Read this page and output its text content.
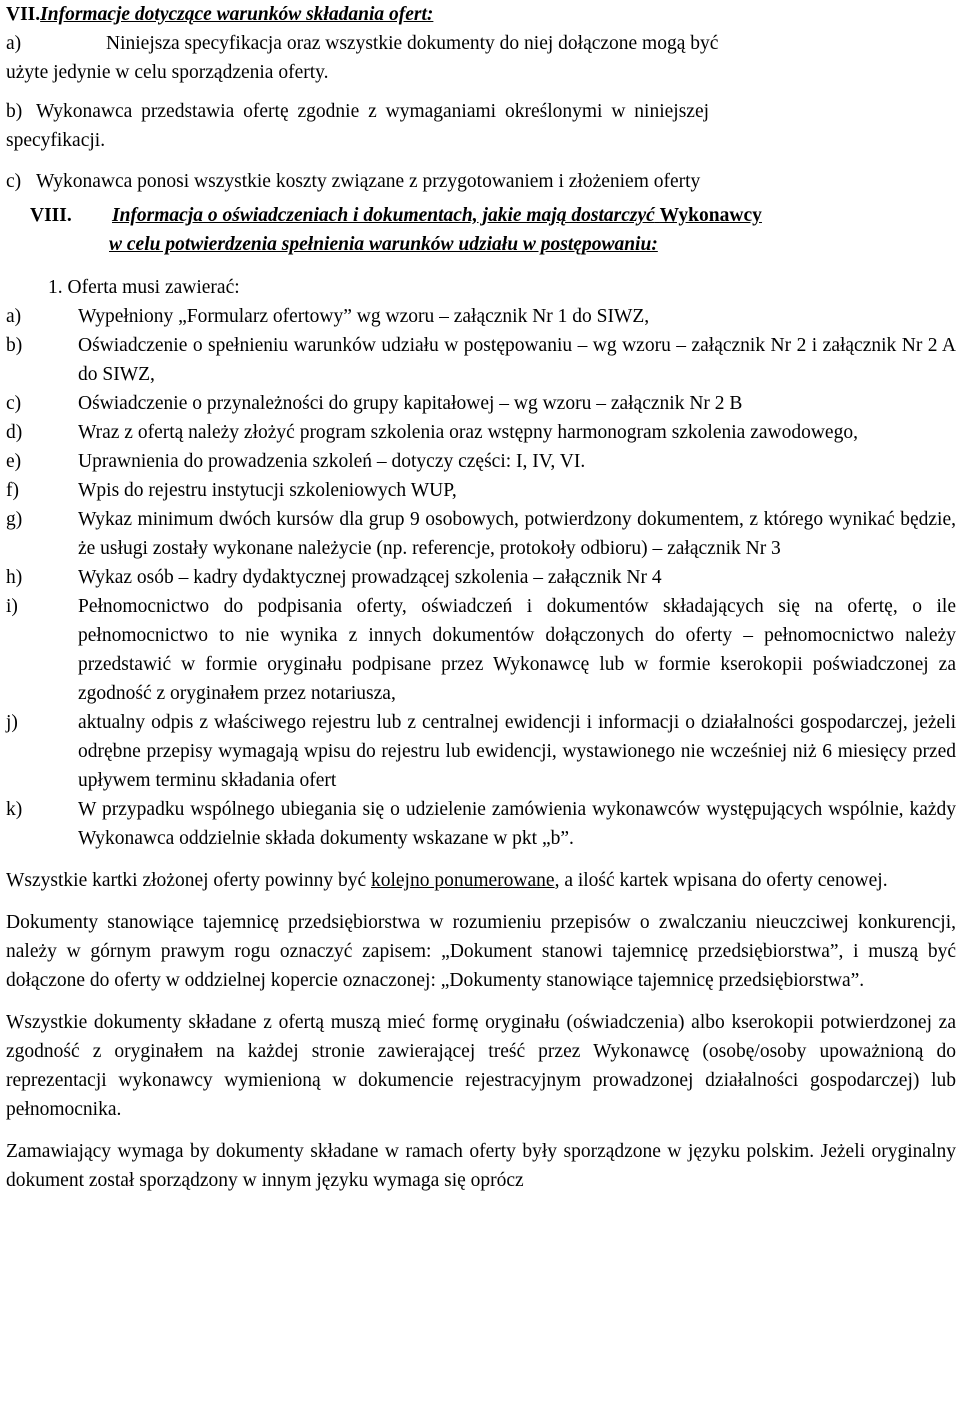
VII.Informacje dotyczące warunków składania ofert:
a)	Niniejsza specyfikacja oraz wszystkie dokumenty do niej dołączone mogą być
użyte jedynie w celu sporządzenia oferty.
b) Wykonawca przedstawia ofertę zgodnie z wymaganiami określonymi w niniejszej
specyfikacji.
c) Wykonawca ponosi wszystkie koszty związane z przygotowaniem i złożeniem oferty
VIII. Informacja o oświadczeniach i dokumentach, jakie mają dostarczyć Wykonawcy
w celu potwierdzenia spełnienia warunków udziału w postępowaniu:
1. Oferta musi zawierać:
a)	Wypełniony „Formularz ofertowy” wg wzoru – załącznik Nr 1 do SIWZ,
b)	Oświadczenie o spełnieniu warunków udziału w postępowaniu – wg wzoru – załącznik Nr 2 i załącznik Nr 2 A do SIWZ,
c)	Oświadczenie o przynależności do grupy kapitałowej – wg wzoru – załącznik Nr 2 B
d)	Wraz z ofertą należy złożyć program szkolenia oraz wstępny harmonogram szkolenia zawodowego,
e)	Uprawnienia do prowadzenia szkoleń – dotyczy części: I, IV, VI.
f)	Wpis do rejestru instytucji szkoleniowych WUP,
g)	Wykaz minimum dwóch kursów dla grup 9 osobowych, potwierdzony dokumentem, z którego wynikać będzie, że usługi zostały wykonane należycie (np. referencje, protokoły odbioru) – załącznik Nr 3
h)	Wykaz osób – kadry dydaktycznej prowadzącej szkolenia – załącznik Nr 4
i)	Pełnomocnictwo do podpisania oferty, oświadczeń i dokumentów składających się na ofertę, o ile pełnomocnictwo to nie wynika z innych dokumentów dołączonych do oferty – pełnomocnictwo należy przedstawić w formie oryginału podpisane przez Wykonawcę lub w formie kserokopii poświadczonej za zgodność z oryginałem przez notariusza,
j)	aktualny odpis z właściwego rejestru lub z centralnej ewidencji i informacji o działalności gospodarczej, jeżeli odrębne przepisy wymagają wpisu do rejestru lub ewidencji, wystawionego nie wcześniej niż 6 miesięcy przed upływem terminu składania ofert
k)	W przypadku wspólnego ubiegania się o udzielenie zamówienia wykonawców występujących wspólnie, każdy Wykonawca oddzielnie składa dokumenty wskazane w pkt „b”.
Wszystkie kartki złożonej oferty powinny być kolejno ponumerowane, a ilość kartek wpisana do oferty cenowej.
Dokumenty stanowiące tajemnicę przedsiębiorstwa w rozumieniu przepisów o zwalczaniu nieuczciwej konkurencji, należy w górnym prawym rogu oznaczyć zapisem: „Dokument stanowi tajemnicę przedsiębiorstwa”, i muszą być dołączone do oferty w oddzielnej kopercie oznaczonej: „Dokumenty stanowiące tajemnicę przedsiębiorstwa”.
Wszystkie dokumenty składane z ofertą muszą mieć formę oryginału (oświadczenia) albo kserokopii potwierdzonej za zgodność z oryginałem na każdej stronie zawierającej treść przez Wykonawcę (osobę/osoby upoważnioną do reprezentacji wykonawcy wymienioną w dokumencie rejestracyjnym prowadzonej działalności gospodarczej) lub pełnomocnika.
Zamawiający wymaga by dokumenty składane w ramach oferty były sporządzone w języku polskim. Jeżeli oryginalny dokument został sporządzony w innym języku wymaga się oprócz
